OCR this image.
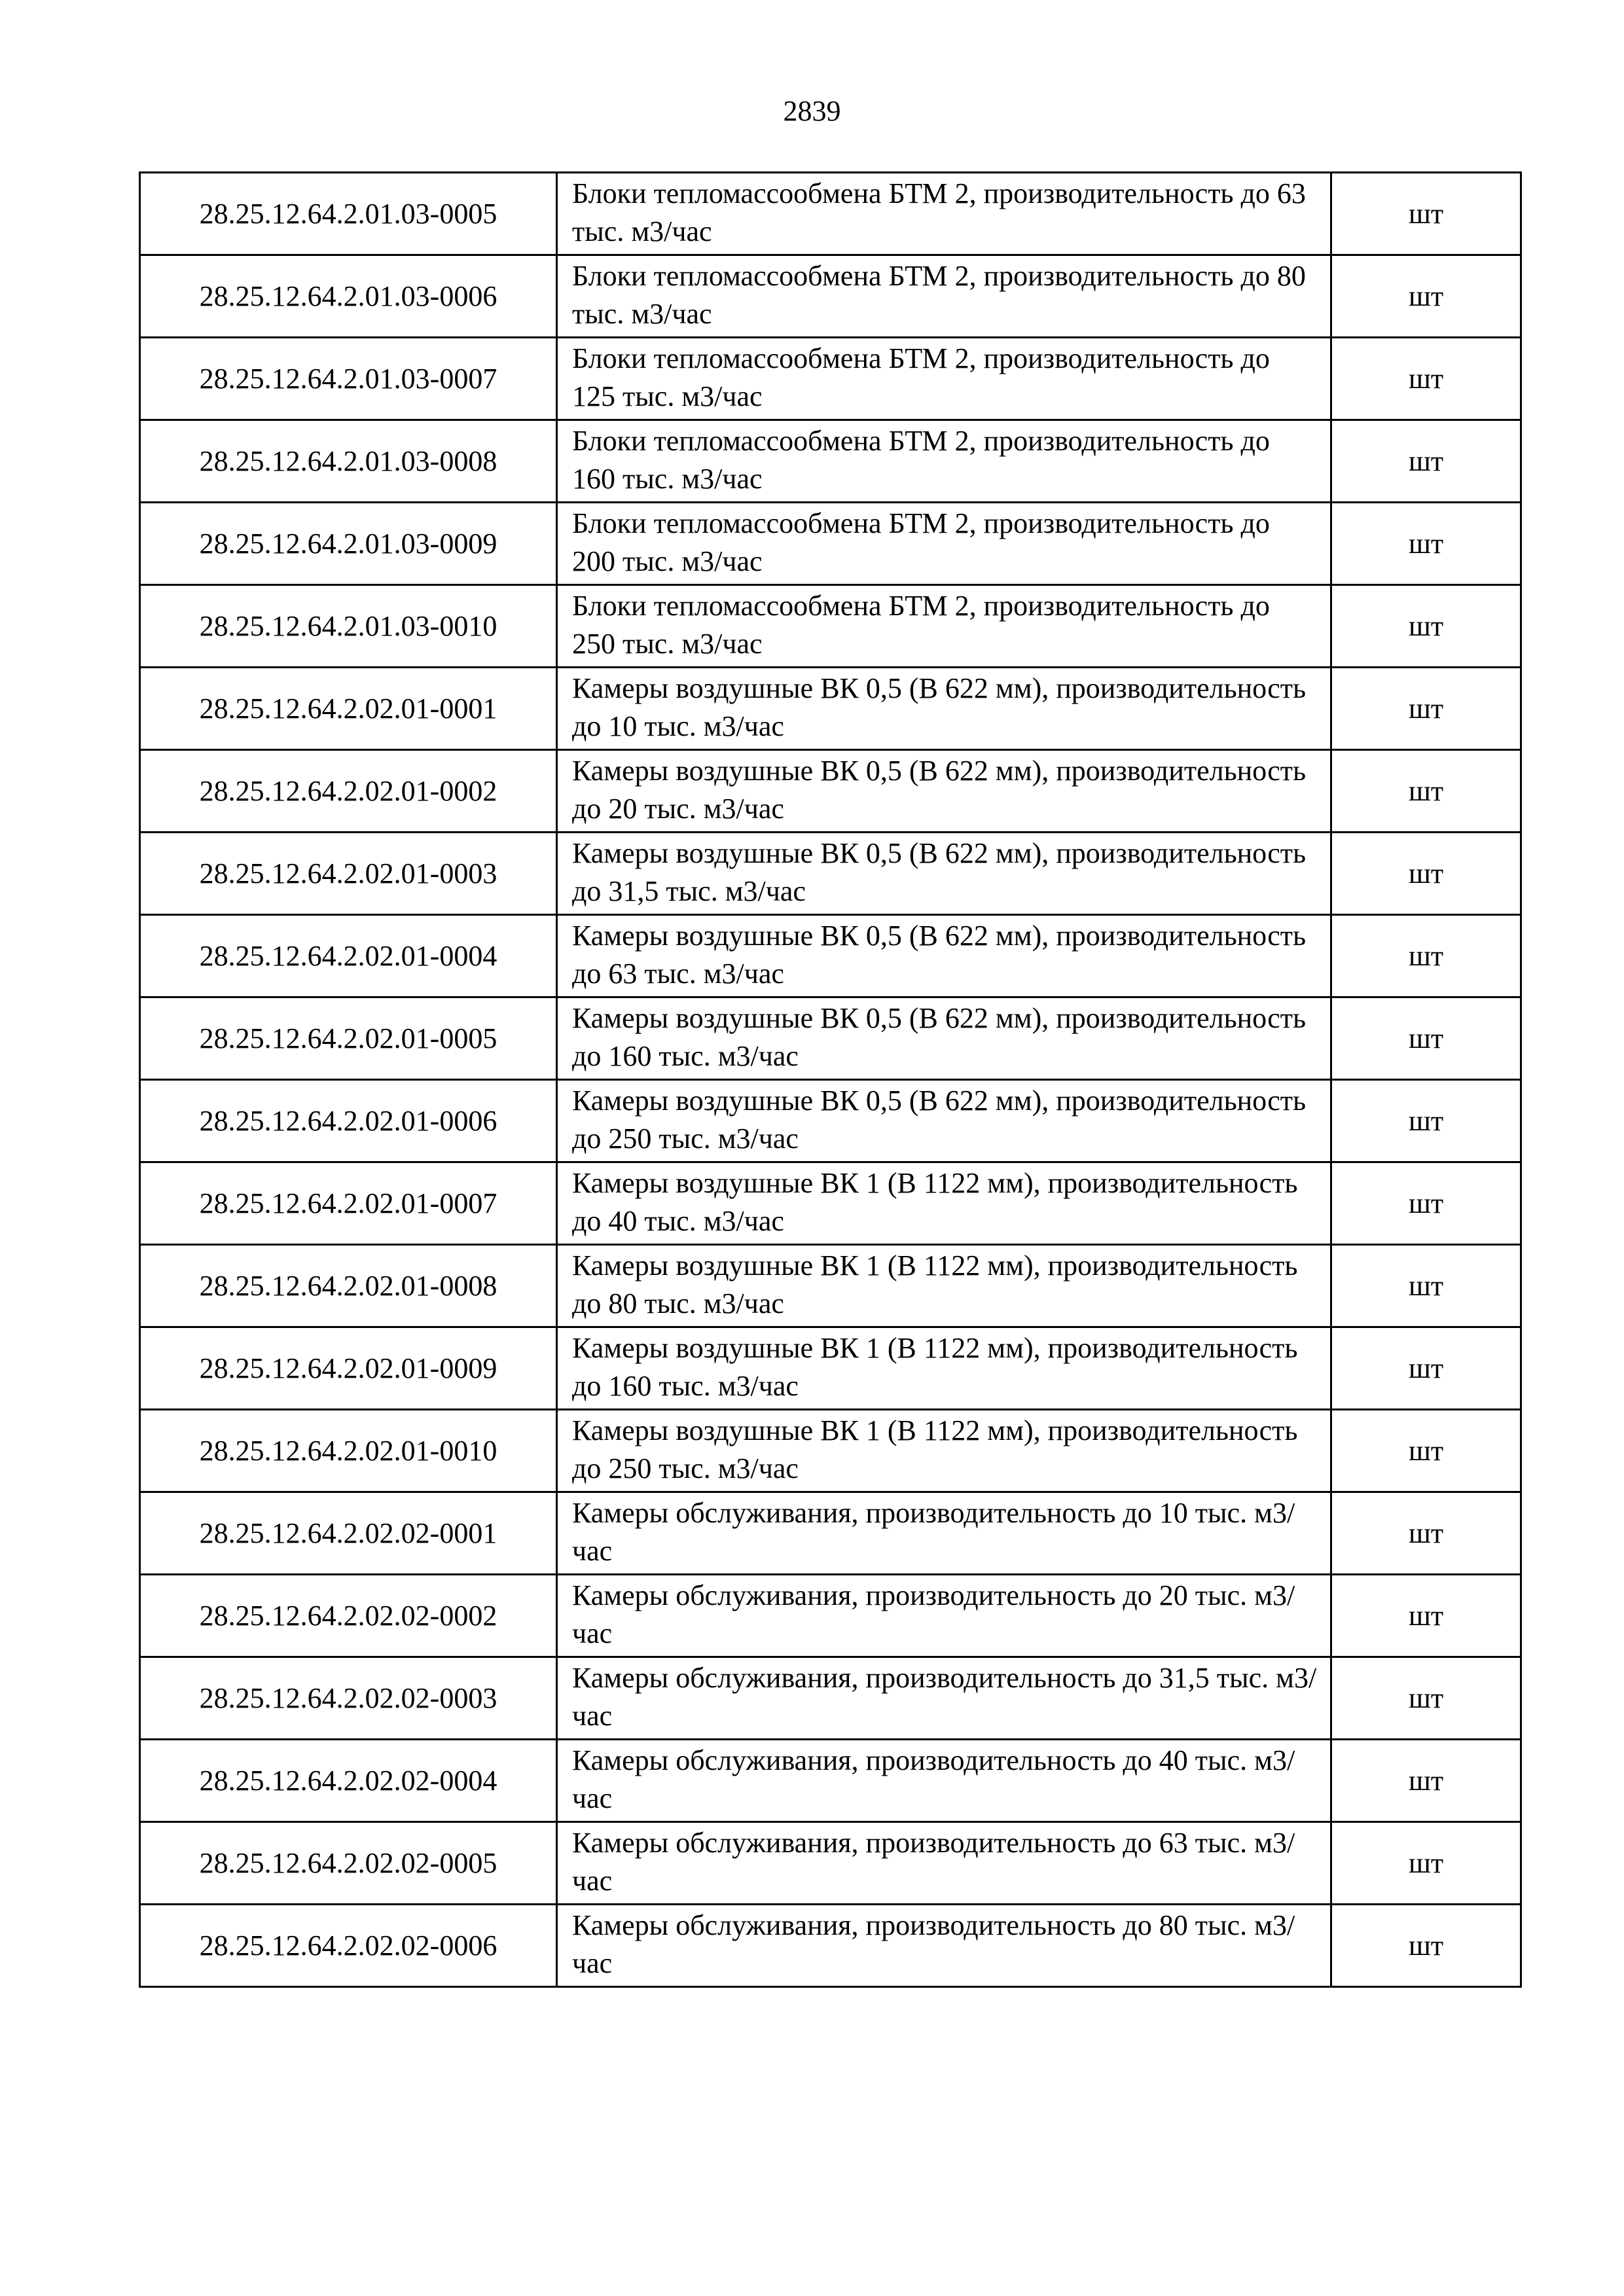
2839
28.25.12.64.2.01.03-0005	Блоки тепломассообмена БТМ 2, производительность до 63 тыс. м3/час	шт
28.25.12.64.2.01.03-0006	Блоки тепломассообмена БТМ 2, производительность до 80 тыс. м3/час	шт
28.25.12.64.2.01.03-0007	Блоки тепломассообмена БТМ 2, производительность до 125 тыс. м3/час	шт
28.25.12.64.2.01.03-0008	Блоки тепломассообмена БТМ 2, производительность до 160 тыс. м3/час	шт
28.25.12.64.2.01.03-0009	Блоки тепломассообмена БТМ 2, производительность до 200 тыс. м3/час	шт
28.25.12.64.2.01.03-0010	Блоки тепломассообмена БТМ 2, производительность до 250 тыс. м3/час	шт
28.25.12.64.2.02.01-0001	Камеры воздушные ВК 0,5 (В 622 мм), производительность до 10 тыс. м3/час	шт
28.25.12.64.2.02.01-0002	Камеры воздушные ВК 0,5 (В 622 мм), производительность до 20 тыс. м3/час	шт
28.25.12.64.2.02.01-0003	Камеры воздушные ВК 0,5 (В 622 мм), производительность до 31,5 тыс. м3/час	шт
28.25.12.64.2.02.01-0004	Камеры воздушные ВК 0,5 (В 622 мм), производительность до 63 тыс. м3/час	шт
28.25.12.64.2.02.01-0005	Камеры воздушные ВК 0,5 (В 622 мм), производительность до 160 тыс. м3/час	шт
28.25.12.64.2.02.01-0006	Камеры воздушные ВК 0,5 (В 622 мм), производительность до 250 тыс. м3/час	шт
28.25.12.64.2.02.01-0007	Камеры воздушные ВК 1 (В 1122 мм), производительность до 40 тыс. м3/час	шт
28.25.12.64.2.02.01-0008	Камеры воздушные ВК 1 (В 1122 мм), производительность до 80 тыс. м3/час	шт
28.25.12.64.2.02.01-0009	Камеры воздушные ВК 1 (В 1122 мм), производительность до 160 тыс. м3/час	шт
28.25.12.64.2.02.01-0010	Камеры воздушные ВК 1 (В 1122 мм), производительность до 250 тыс. м3/час	шт
28.25.12.64.2.02.02-0001	Камеры обслуживания, производительность до 10 тыс. м3/час	шт
28.25.12.64.2.02.02-0002	Камеры обслуживания, производительность до 20 тыс. м3/час	шт
28.25.12.64.2.02.02-0003	Камеры обслуживания, производительность до 31,5 тыс. м3/час	шт
28.25.12.64.2.02.02-0004	Камеры обслуживания, производительность до 40 тыс. м3/час	шт
28.25.12.64.2.02.02-0005	Камеры обслуживания, производительность до 63 тыс. м3/час	шт
28.25.12.64.2.02.02-0006	Камеры обслуживания, производительность до 80 тыс. м3/час	шт
